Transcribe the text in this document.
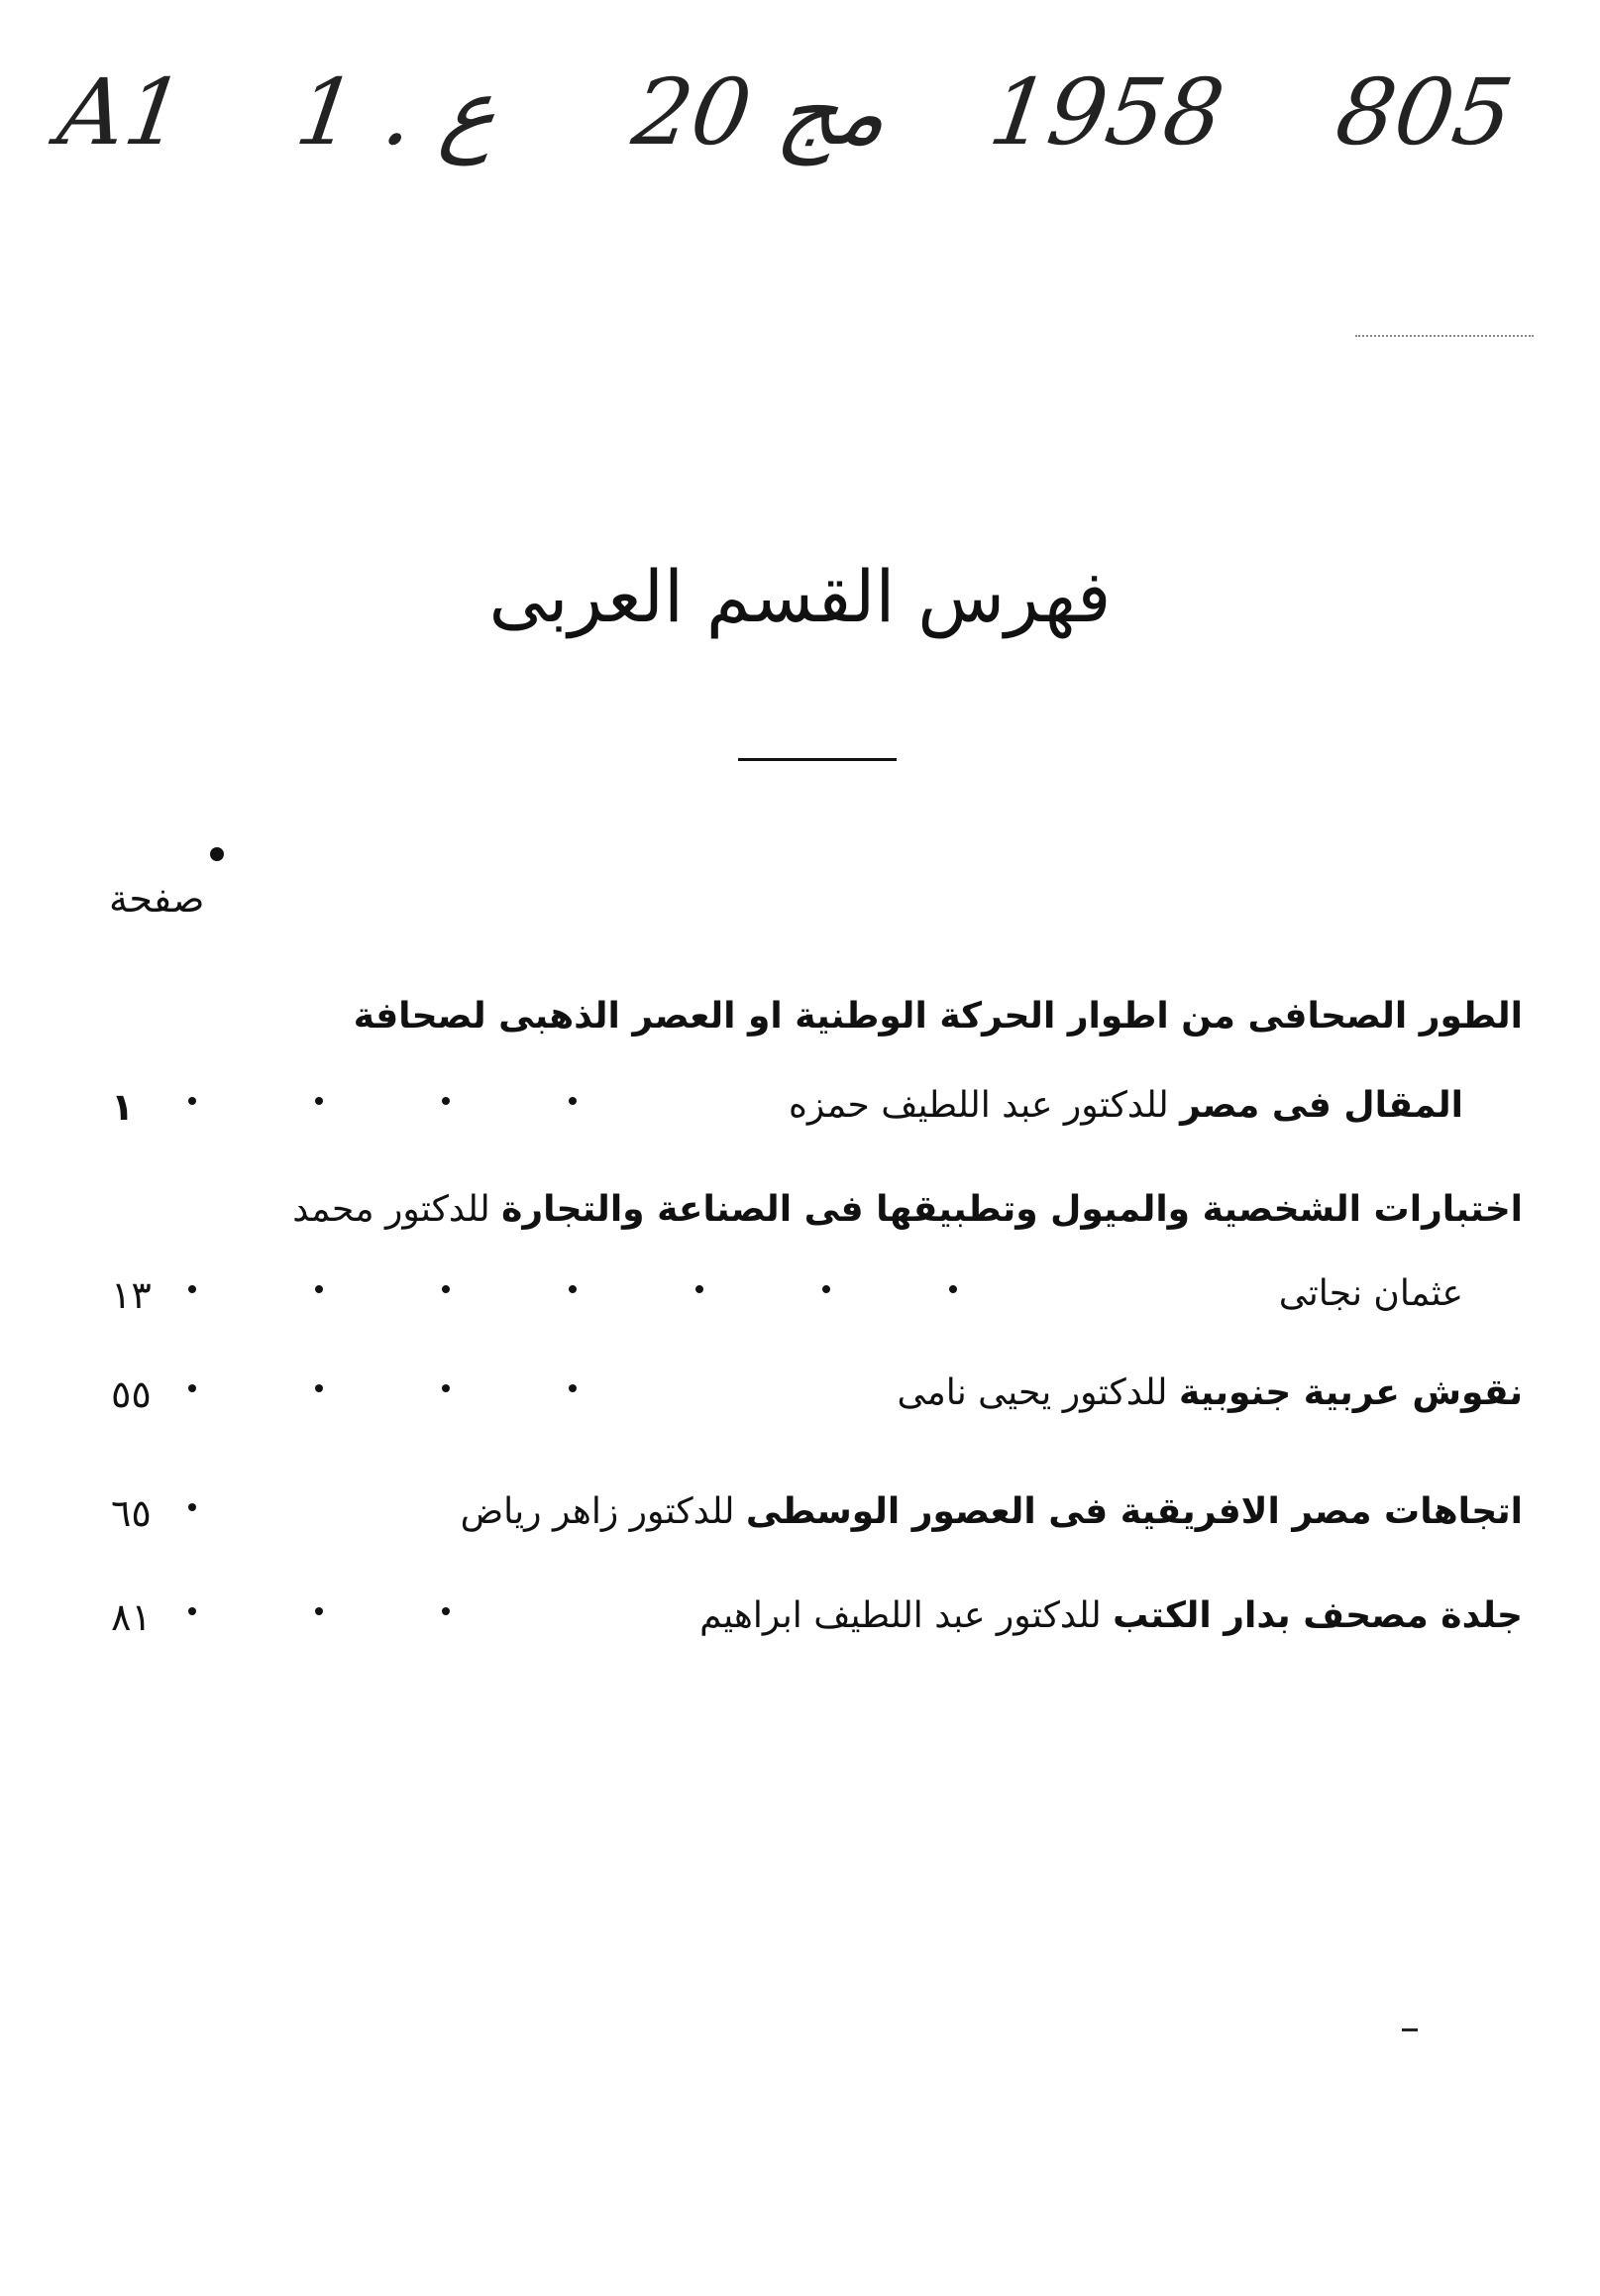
A1 1 . ع 20 مج 1958 805
فهرس القسم العربى
صفحة
الطور الصحافى من اطوار الحركة الوطنية او العصر الذهبى لصحافة
المقال فى مصر للدكتور عبد اللطيف حمزه
١
اختبارات الشخصية والميول وتطبيقها فى الصناعة والتجارة للدكتور محمد
عثمان نجاتى
١٣
نقوش عربية جنوبية للدكتور يحيى نامى
٥٥
اتجاهات مصر الافريقية فى العصور الوسطى للدكتور زاهر رياض
٦٥
جلدة مصحف بدار الكتب للدكتور عبد اللطيف ابراهيم
٨١
